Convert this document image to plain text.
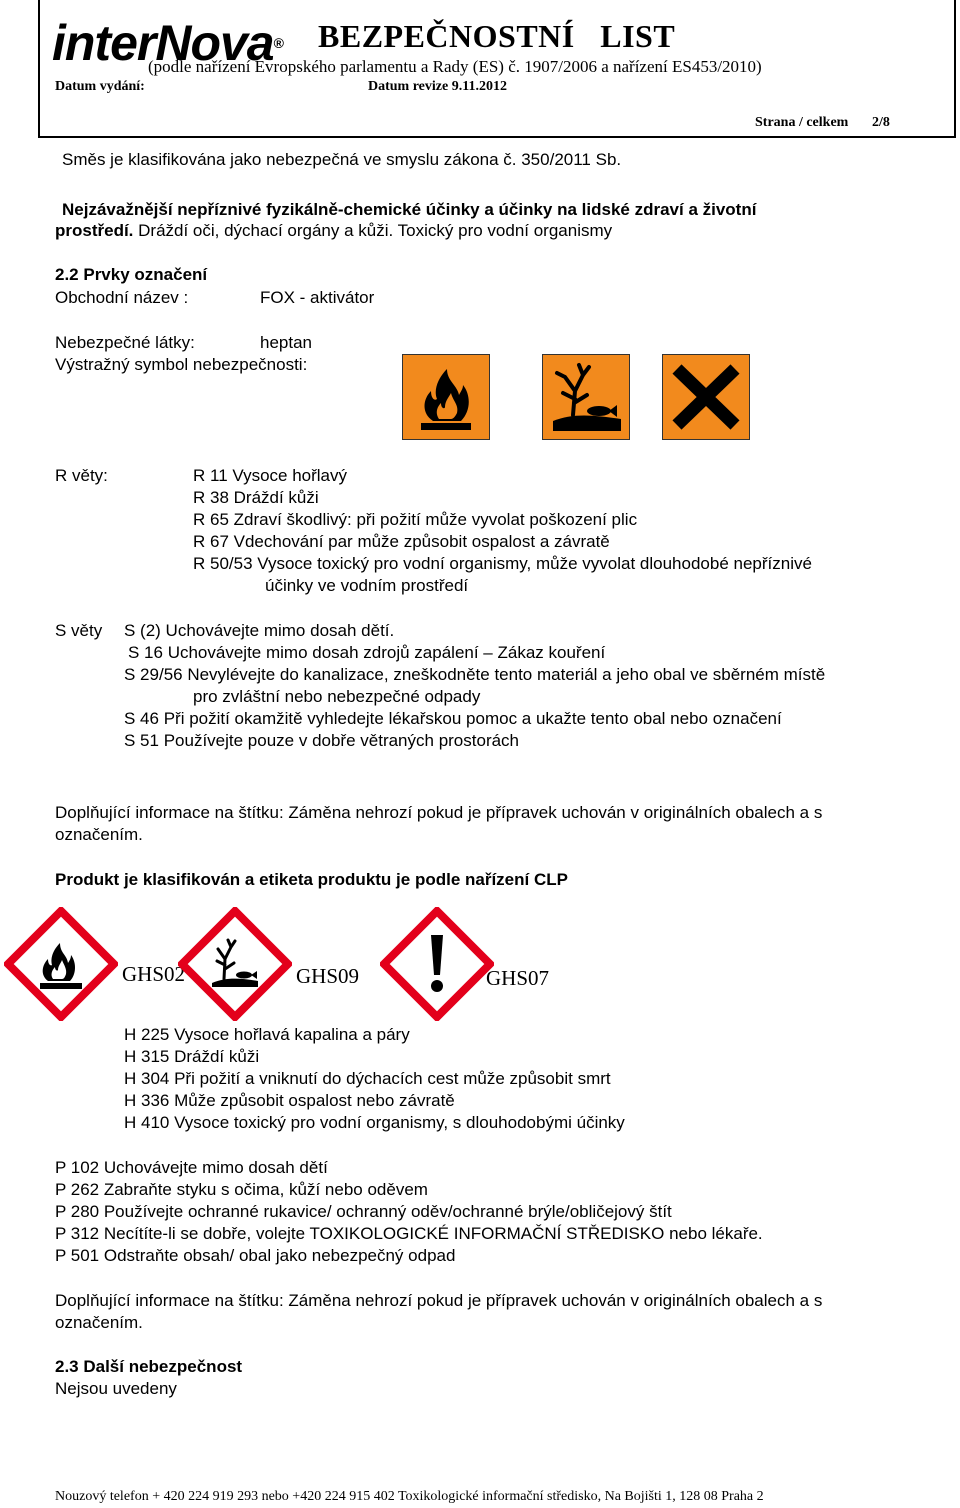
interNova® BEZPEČNOSTNÍ   LIST
(podle nařízení Evropského parlamentu a Rady (ES) č. 1907/2006 a nařízení ES453/2010)
Datum vydání:	Datum revize 9.11.2012
Strana / celkem 2/8
Směs je klasifikována jako nebezpečná ve smyslu zákona č. 350/2011 Sb.
Nejzávažnější nepříznivé fyzikálně-chemické účinky a účinky na lidské zdraví a životní
prostředí. Dráždí oči, dýchací orgány a kůži. Toxický pro vodní organismy
2.2 Prvky označení
Obchodní název :	FOX - aktivátor
Nebezpečné látky:	heptan
Výstražný symbol nebezpečnosti:
R věty:	R 11 Vysoce hořlavý
R 38 Dráždí kůži
R 65 Zdraví škodlivý: při požití může vyvolat poškození plic
R 67 Vdechování par může způsobit ospalost a závratě
R 50/53 Vysoce toxický pro vodní organismy, může vyvolat dlouhodobé nepříznivé
účinky ve vodním prostředí
S věty S (2) Uchovávejte mimo dosah dětí.
S 16 Uchovávejte mimo dosah zdrojů zapálení – Zákaz kouření
S 29/56 Nevylévejte do kanalizace, zneškodněte tento materiál a jeho obal ve sběrném místě
pro zvláštní nebo nebezpečné odpady
S 46 Při požití okamžitě vyhledejte lékařskou pomoc a ukažte tento obal nebo označení
S 51 Používejte pouze v dobře větraných prostorách
Doplňující informace na štítku: Záměna nehrozí pokud je přípravek uchován v originálních obalech a s
označením.
Produkt je klasifikován a etiketa produktu je podle nařízení CLP
GHS02	GHS09	GHS07
H 225 Vysoce hořlavá kapalina a páry
H 315 Dráždí kůži
H 304 Při požití a vniknutí do dýchacích cest může způsobit smrt
H 336 Může způsobit ospalost nebo závratě
H 410 Vysoce toxický pro vodní organismy, s dlouhodobými účinky
P 102 Uchovávejte mimo dosah dětí
P 262 Zabraňte styku s očima, kůží nebo oděvem
P 280 Používejte ochranné rukavice/ ochranný oděv/ochranné brýle/obličejový štít
P 312 Necítíte-li se dobře, volejte TOXIKOLOGICKÉ INFORMAČNÍ STŘEDISKO nebo lékaře.
P 501 Odstraňte obsah/ obal jako nebezpečný odpad
Doplňující informace na štítku: Záměna nehrozí pokud je přípravek uchován v originálních obalech a s
označením.
2.3 Další nebezpečnost
Nejsou uvedeny
Nouzový telefon + 420 224 919 293 nebo +420 224 915 402 Toxikologické informační středisko, Na Bojišti 1, 128 08 Praha 2
